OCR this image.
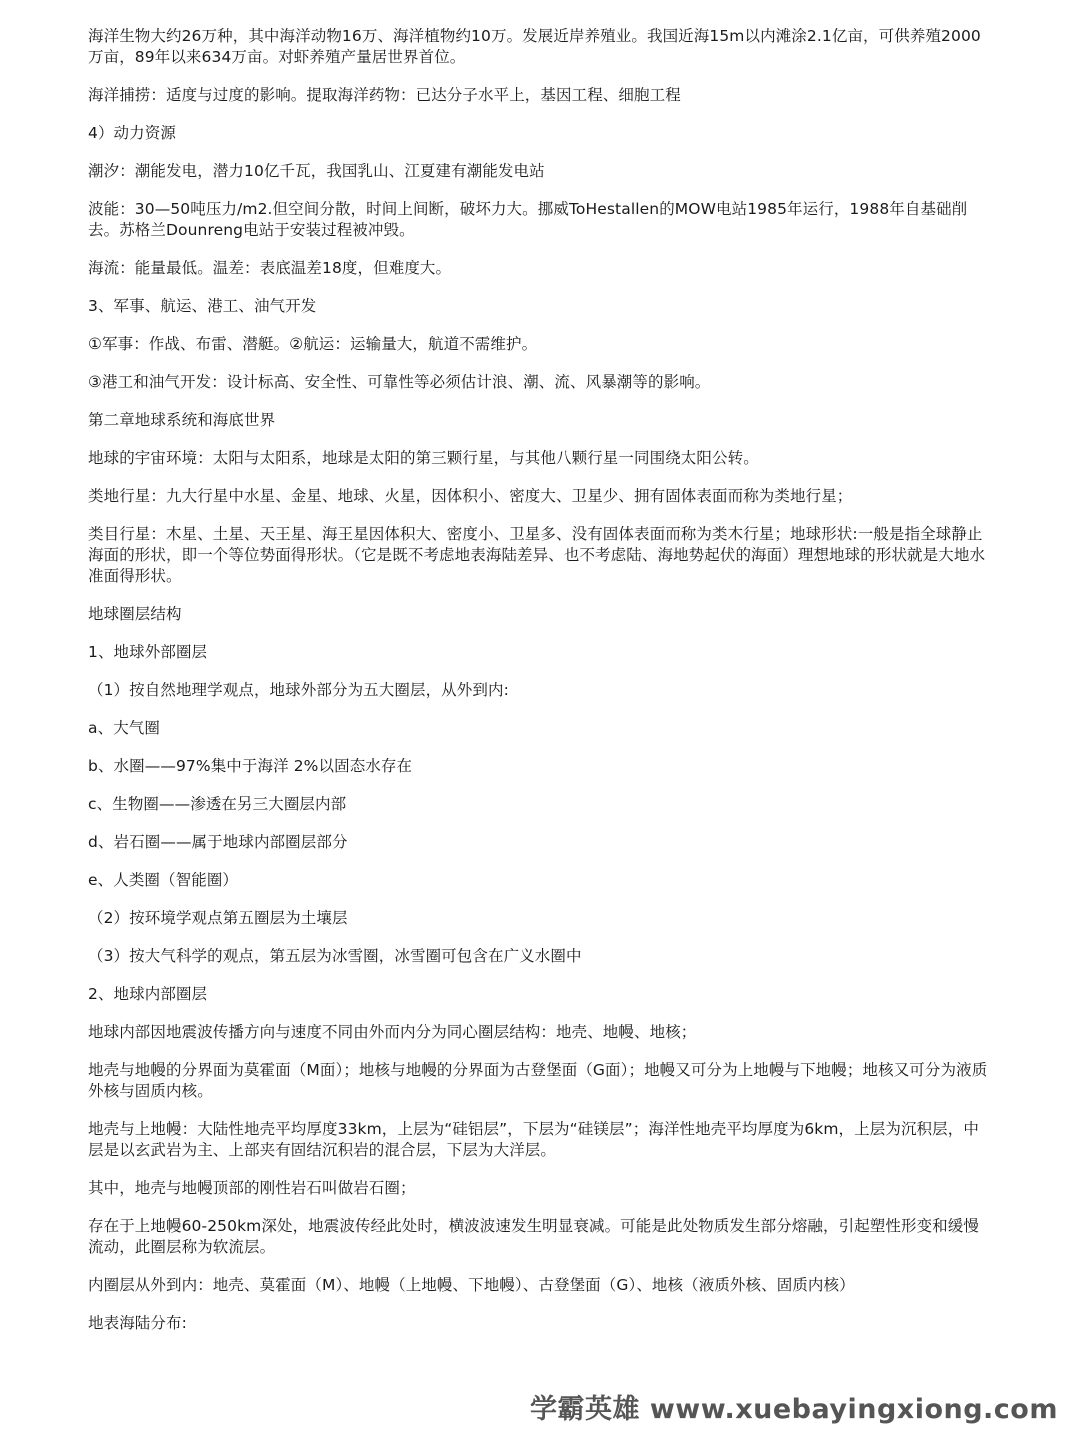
海洋生物大约26万种，其中海洋动物16万、海洋植物约10万。发展近岸养殖业。我国近海15m以内滩涂2.1亿亩，可供养殖2000万亩，89年以来634万亩。对虾养殖产量居世界首位。

海洋捕捞：适度与过度的影响。提取海洋药物：已达分子水平上，基因工程、细胞工程

4）动力资源

潮汐：潮能发电，潜力10亿千瓦，我国乳山、江夏建有潮能发电站

波能：30—50吨压力/m2.但空间分散，时间上间断，破坏力大。挪威ToHestallen的MOW电站1985年运行，1988年自基础削去。苏格兰Dounreng电站于安装过程被冲毁。

海流：能量最低。温差：表底温差18度，但难度大。

3、军事、航运、港工、油气开发

①军事：作战、布雷、潜艇。②航运：运输量大，航道不需维护。

③港工和油气开发：设计标高、安全性、可靠性等必须估计浪、潮、流、风暴潮等的影响。

第二章地球系统和海底世界

地球的宇宙环境：太阳与太阳系，地球是太阳的第三颗行星，与其他八颗行星一同围绕太阳公转。

类地行星：九大行星中水星、金星、地球、火星，因体积小、密度大、卫星少、拥有固体表面而称为类地行星；

类目行星：木星、土星、天王星、海王星因体积大、密度小、卫星多、没有固体表面而称为类木行星；地球形状:一般是指全球静止海面的形状，即一个等位势面得形状。（它是既不考虑地表海陆差异、也不考虑陆、海地势起伏的海面）理想地球的形状就是大地水准面得形状。

地球圈层结构

1、地球外部圈层

（1）按自然地理学观点，地球外部分为五大圈层，从外到内:

a、大气圈

b、水圈——97%集中于海洋 2%以固态水存在

c、生物圈——渗透在另三大圈层内部

d、岩石圈——属于地球内部圈层部分

e、人类圈（智能圈）

（2）按环境学观点第五圈层为土壤层

（3）按大气科学的观点，第五层为冰雪圈，冰雪圈可包含在广义水圈中

2、地球内部圈层

地球内部因地震波传播方向与速度不同由外而内分为同心圈层结构：地壳、地幔、地核；

地壳与地幔的分界面为莫霍面（M面）；地核与地幔的分界面为古登堡面（G面）；地幔又可分为上地幔与下地幔；地核又可分为液质外核与固质内核。

地壳与上地幔：大陆性地壳平均厚度33km，上层为“硅铝层”，下层为“硅镁层”；海洋性地壳平均厚度为6km，上层为沉积层，中层是以玄武岩为主、上部夹有固结沉积岩的混合层，下层为大洋层。

其中，地壳与地幔顶部的刚性岩石叫做岩石圈；

存在于上地幔60-250km深处，地震波传经此处时，横波波速发生明显衰减。可能是此处物质发生部分熔融，引起塑性形变和缓慢流动，此圈层称为软流层。

内圈层从外到内：地壳、莫霍面（M）、地幔（上地幔、下地幔）、古登堡面（G）、地核（液质外核、固质内核）

地表海陆分布:

学霸英雄 www.xuebayingxiong.com
